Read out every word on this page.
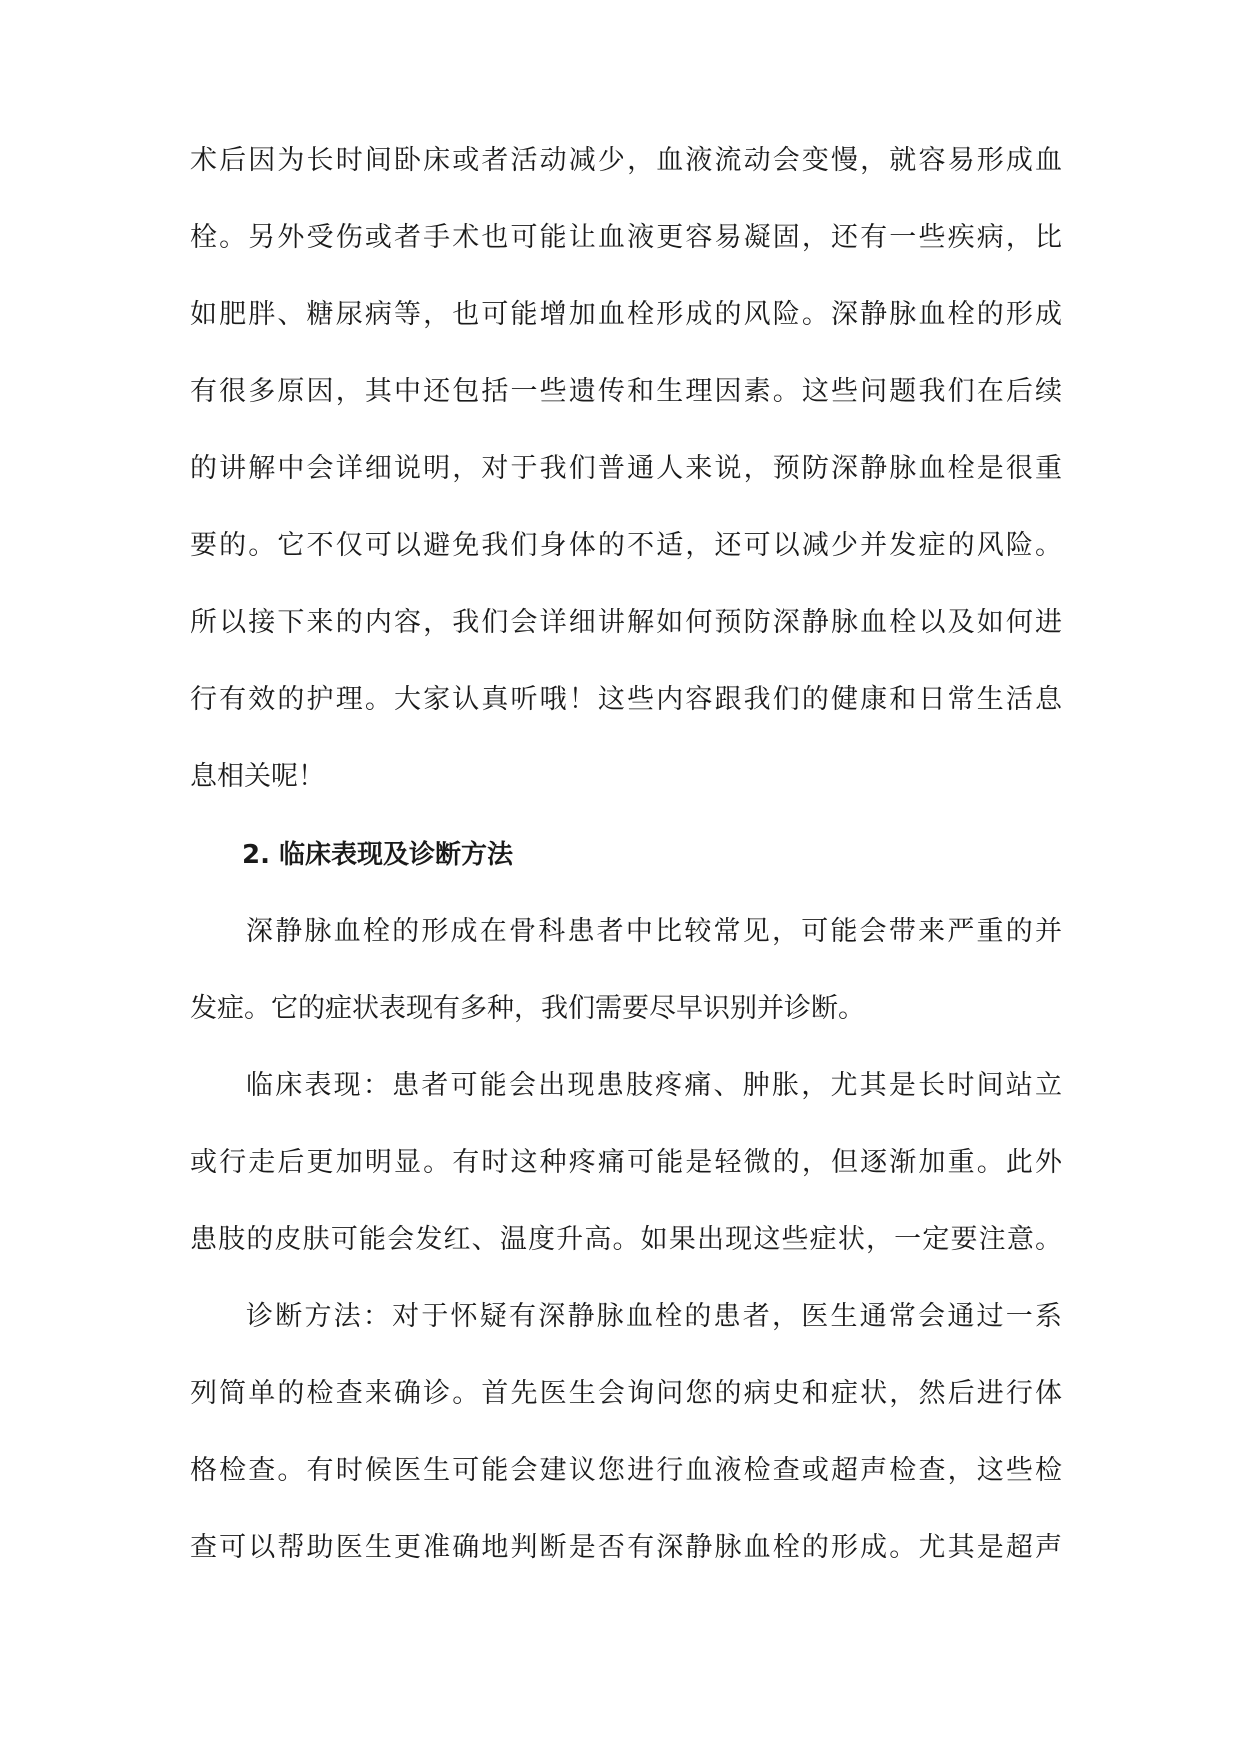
术后因为长时间卧床或者活动减少，血液流动会变慢，就容易形成血
栓。另外受伤或者手术也可能让血液更容易凝固，还有一些疾病，比
如肥胖、糖尿病等，也可能增加血栓形成的风险。深静脉血栓的形成
有很多原因，其中还包括一些遗传和生理因素。这些问题我们在后续
的讲解中会详细说明，对于我们普通人来说，预防深静脉血栓是很重
要的。它不仅可以避免我们身体的不适，还可以减少并发症的风险。
所以接下来的内容，我们会详细讲解如何预防深静脉血栓以及如何进
行有效的护理。大家认真听哦！这些内容跟我们的健康和日常生活息
息相关呢！
2. 临床表现及诊断方法
深静脉血栓的形成在骨科患者中比较常见，可能会带来严重的并
发症。它的症状表现有多种，我们需要尽早识别并诊断。
临床表现：患者可能会出现患肢疼痛、肿胀，尤其是长时间站立
或行走后更加明显。有时这种疼痛可能是轻微的，但逐渐加重。此外
患肢的皮肤可能会发红、温度升高。如果出现这些症状，一定要注意。
诊断方法：对于怀疑有深静脉血栓的患者，医生通常会通过一系
列简单的检查来确诊。首先医生会询问您的病史和症状，然后进行体
格检查。有时候医生可能会建议您进行血液检查或超声检查，这些检
查可以帮助医生更准确地判断是否有深静脉血栓的形成。尤其是超声
